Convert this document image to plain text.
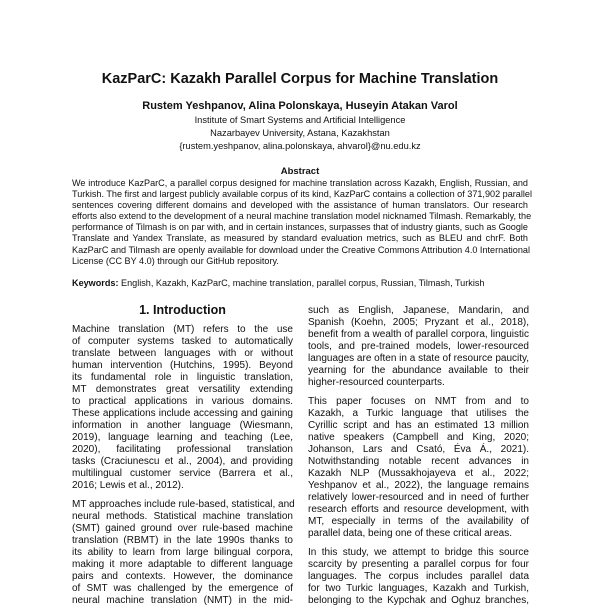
KazParC: Kazakh Parallel Corpus for Machine Translation
Rustem Yeshpanov, Alina Polonskaya, Huseyin Atakan Varol
Institute of Smart Systems and Artificial Intelligence
Nazarbayev University, Astana, Kazakhstan
{rustem.yeshpanov, alina.polonskaya, ahvarol}@nu.edu.kz
Abstract
We introduce KazParC, a parallel corpus designed for machine translation across Kazakh, English, Russian, and
Turkish. The first and largest publicly available corpus of its kind, KazParC contains a collection of 371,902 parallel
sentences covering different domains and developed with the assistance of human translators. Our research
efforts also extend to the development of a neural machine translation model nicknamed Tilmash. Remarkably, the
performance of Tilmash is on par with, and in certain instances, surpasses that of industry giants, such as Google
Translate and Yandex Translate, as measured by standard evaluation metrics, such as BLEU and chrF. Both
KazParC and Tilmash are openly available for download under the Creative Commons Attribution 4.0 International
License (CC BY 4.0) through our GitHub repository.
Keywords: English, Kazakh, KazParC, machine translation, parallel corpus, Russian, Tilmash, Turkish
1. Introduction
Machine translation (MT) refers to the use
of computer systems tasked to automatically
translate between languages with or without
human intervention (Hutchins, 1995). Beyond
its fundamental role in linguistic translation,
MT demonstrates great versatility extending
to practical applications in various domains.
These applications include accessing and gaining
information in another language (Wiesmann,
2019), language learning and teaching (Lee,
2020), facilitating professional translation
tasks (Craciunescu et al., 2004), and providing
multilingual customer service (Barrera et al.,
2016; Lewis et al., 2012).
MT approaches include rule-based, statistical, and
neural methods. Statistical machine translation
(SMT) gained ground over rule-based machine
translation (RBMT) in the late 1990s thanks to
its ability to learn from large bilingual corpora,
making it more adaptable to different language
pairs and contexts. However, the dominance
of SMT was challenged by the emergence of
neural machine translation (NMT) in the mid-
such as English, Japanese, Mandarin, and
Spanish (Koehn, 2005; Pryzant et al., 2018),
benefit from a wealth of parallel corpora, linguistic
tools, and pre-trained models, lower-resourced
languages are often in a state of resource paucity,
yearning for the abundance available to their
higher-resourced counterparts.
This paper focuses on NMT from and to
Kazakh, a Turkic language that utilises the
Cyrillic script and has an estimated 13 million
native speakers (Campbell and King, 2020;
Johanson, Lars and Csató, Éva Á., 2021).
Notwithstanding notable recent advances in
Kazakh NLP (Mussakhojayeva et al., 2022;
Yeshpanov et al., 2022), the language remains
relatively lower-resourced and in need of further
research efforts and resource development, with
MT, especially in terms of the availability of
parallel data, being one of these critical areas.
In this study, we attempt to bridge this source
scarcity by presenting a parallel corpus for four
languages. The corpus includes parallel data
for two Turkic languages, Kazakh and Turkish,
belonging to the Kypchak and Oghuz branches,
